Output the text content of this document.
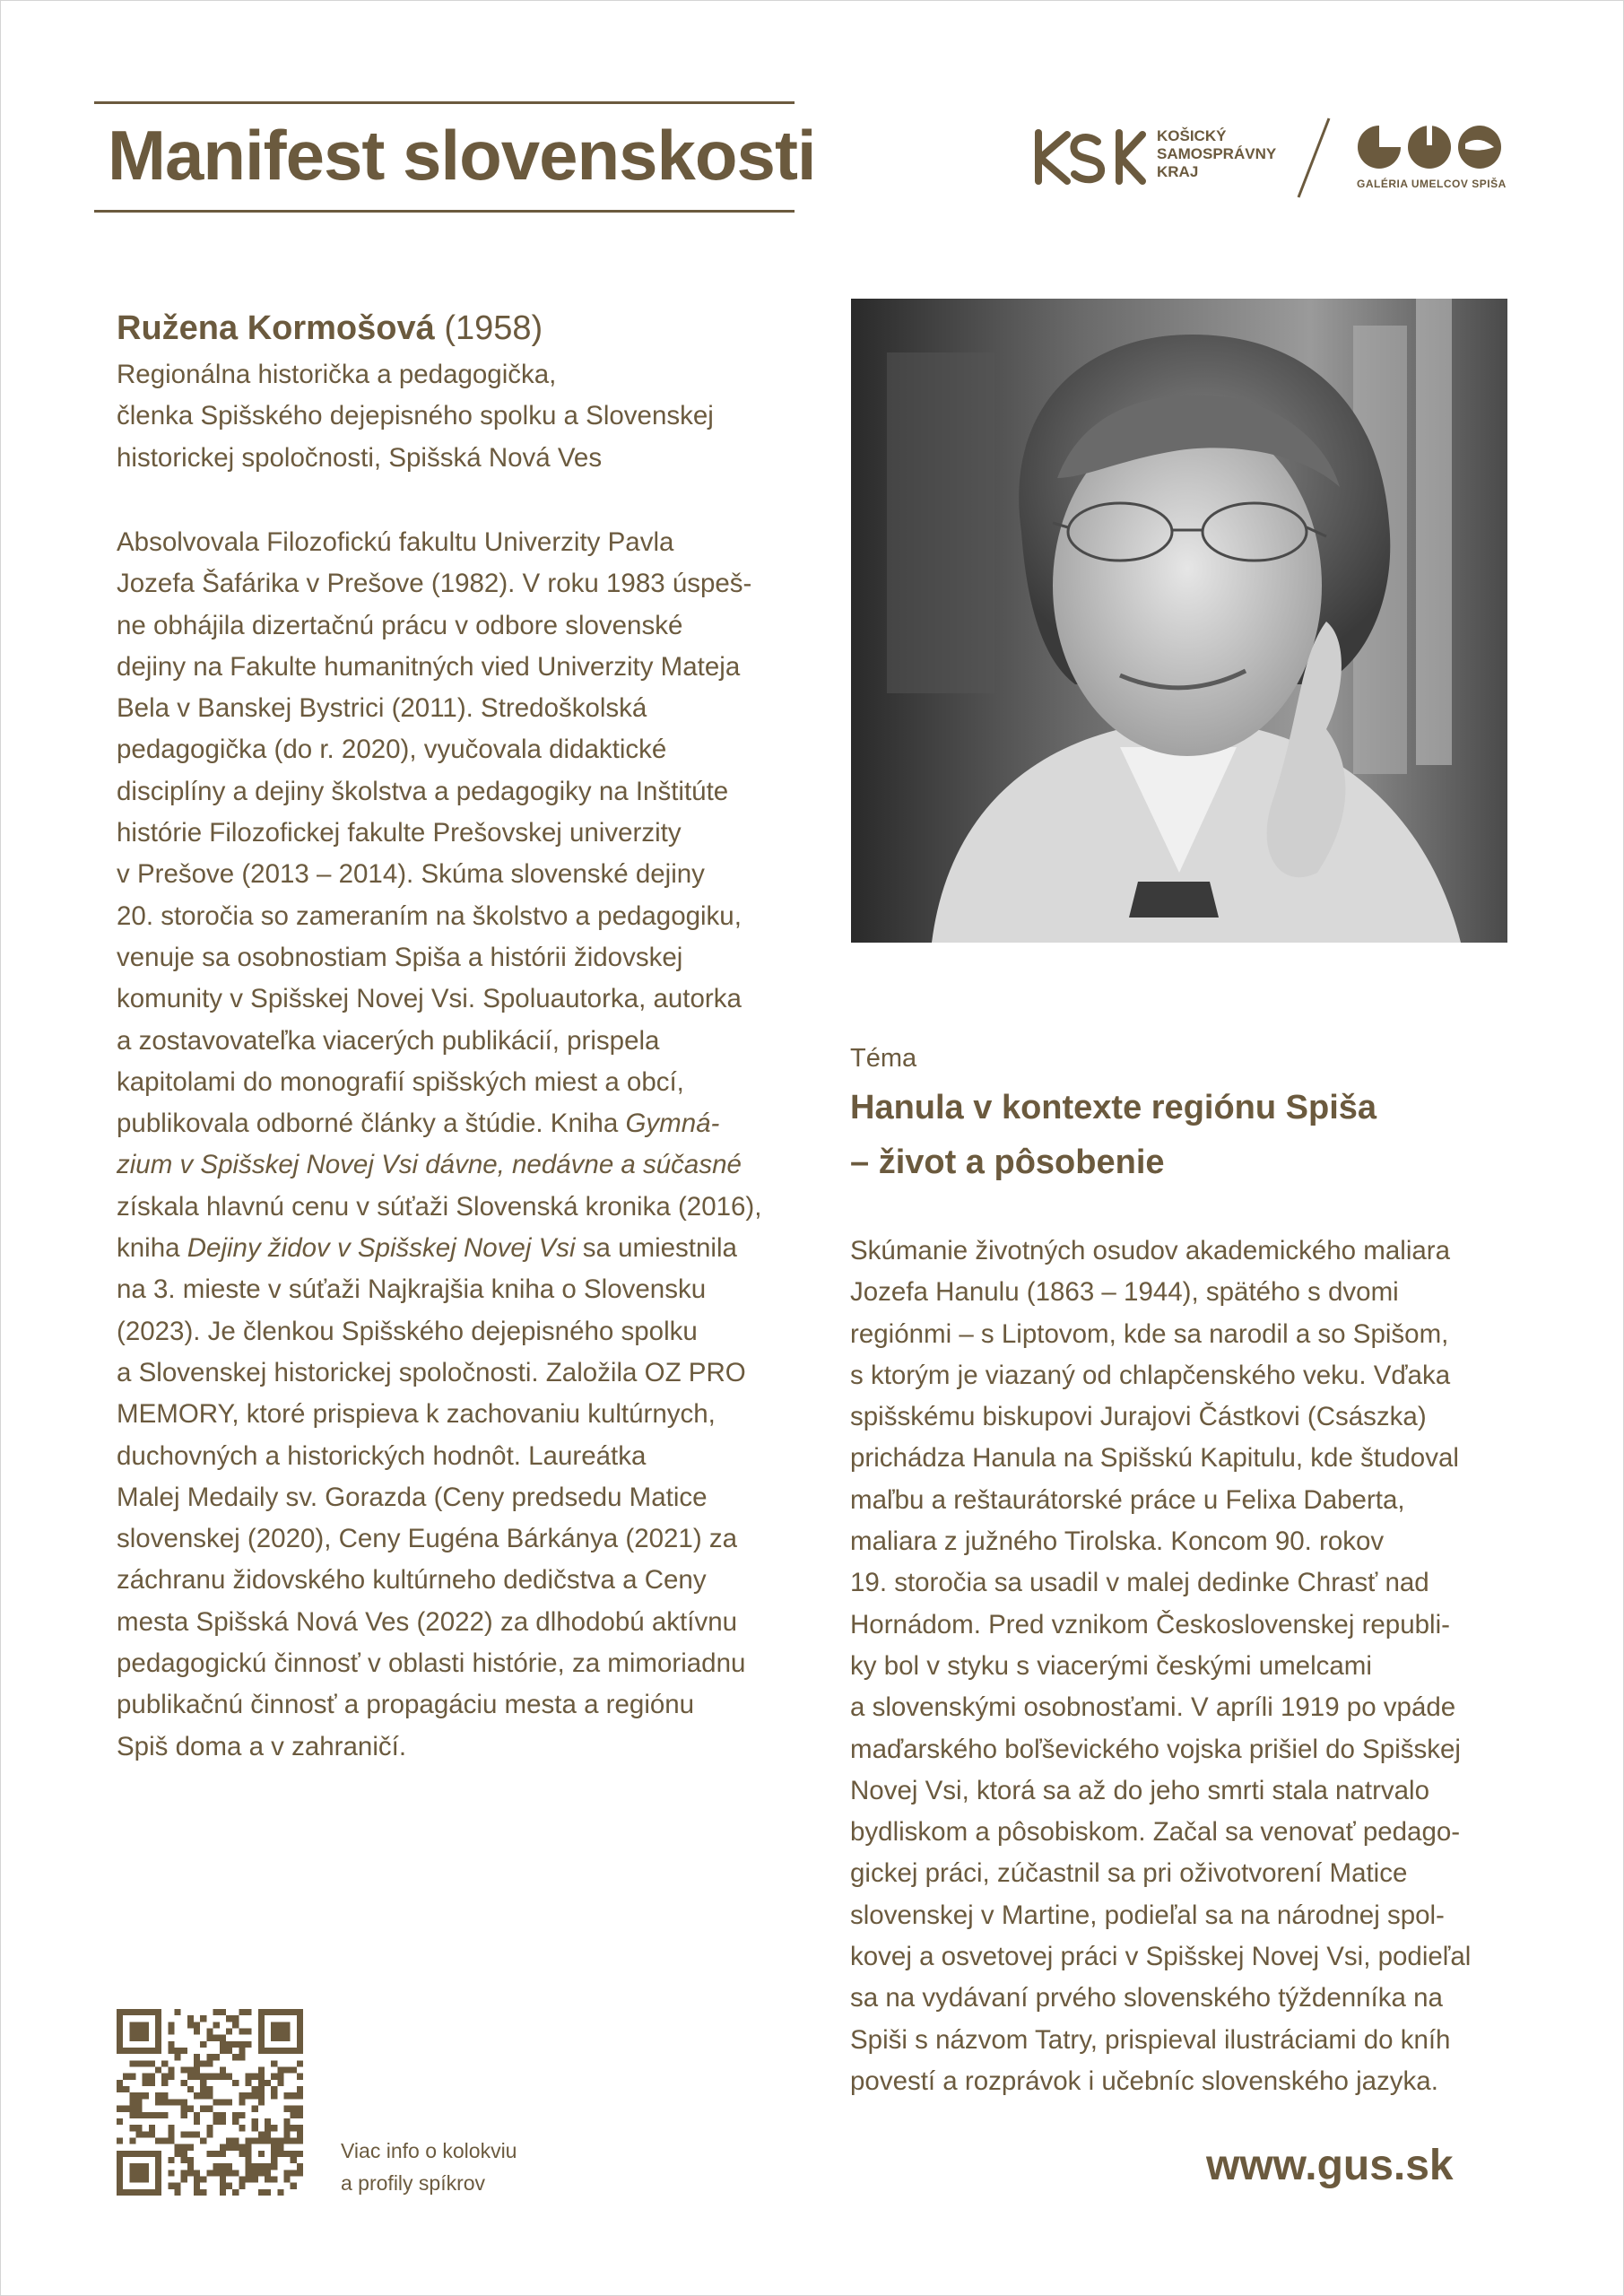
Manifest slovenskosti	KOŠICKÝ
SAMOSPRÁVNY
KRAJ
GALÉRIA UMELCOV SPIŠA
Ružena Kormošová (1958)
Regionálna historička a pedagogička,
členka Spišského dejepisného spolku a Slovenskej
historickej spoločnosti, Spišská Nová Ves
Absolvovala Filozofickú fakultu Univerzity Pavla
Jozefa Šafárika v Prešove (1982). V roku 1983 úspeš-
ne obhájila dizertačnú prácu v odbore slovenské
dejiny na Fakulte humanitných vied Univerzity Mateja
Bela v Banskej Bystrici (2011). Stredoškolská
pedagogička (do r. 2020), vyučovala didaktické
disciplíny a dejiny školstva a pedagogiky na Inštitúte
histórie Filozofickej fakulte Prešovskej univerzity
v Prešove (2013 – 2014). Skúma slovenské dejiny
20. storočia so zameraním na školstvo a pedagogiku,
venuje sa osobnostiam Spiša a histórii židovskej
komunity v Spišskej Novej Vsi. Spoluautorka, autorka
a zostavovateľka viacerých publikácií, prispela
kapitolami do monografií spišských miest a obcí,
publikovala odborné články a štúdie. Kniha Gymná-
zium v Spišskej Novej Vsi dávne, nedávne a súčasné
získala hlavnú cenu v súťaži Slovenská kronika (2016),
kniha Dejiny židov v Spišskej Novej Vsi sa umiestnila
na 3. mieste v súťaži Najkrajšia kniha o Slovensku
(2023). Je členkou Spišského dejepisného spolku
a Slovenskej historickej spoločnosti. Založila OZ PRO
MEMORY, ktoré prispieva k zachovaniu kultúrnych,
duchovných a historických hodnôt. Laureátka
Malej Medaily sv. Gorazda (Ceny predsedu Matice
slovenskej (2020), Ceny Eugéna Bárkánya (2021) za
záchranu židovského kultúrneho dedičstva a Ceny
mesta Spišská Nová Ves (2022) za dlhodobú aktívnu
pedagogickú činnosť v oblasti histórie, za mimoriadnu
publikačnú činnosť a propagáciu mesta a regiónu
Spiš doma a v zahraničí.
Téma
Hanula v kontexte regiónu Spiša
– život a pôsobenie
Skúmanie životných osudov akademického maliara
Jozefa Hanulu (1863 – 1944), spätého s dvomi
regiónmi – s Liptovom, kde sa narodil a so Spišom,
s ktorým je viazaný od chlapčenského veku. Vďaka
spišskému biskupovi Jurajovi Částkovi (Császka)
prichádza Hanula na Spišskú Kapitulu, kde študoval
maľbu a reštaurátorské práce u Felixa Daberta,
maliara z južného Tirolska. Koncom 90. rokov
19. storočia sa usadil v malej dedinke Chrasť nad
Hornádom. Pred vznikom Československej republi-
ky bol v styku s viacerými českými umelcami
a slovenskými osobnosťami. V apríli 1919 po vpáde
maďarského boľševického vojska prišiel do Spišskej
Novej Vsi, ktorá sa až do jeho smrti stala natrvalo
bydliskom a pôsobiskom. Začal sa venovať pedago-
gickej práci, zúčastnil sa pri oživotvorení Matice
slovenskej v Martine, podieľal sa na národnej spol-
kovej a osvetovej práci v Spišskej Novej Vsi, podieľal
sa na vydávaní prvého slovenského týždenníka na
Spiši s názvom Tatry, prispieval ilustráciami do kníh
povestí a rozprávok i učebníc slovenského jazyka.
Viac info o kolokviu
a profily spíkrov	www.gus.sk
